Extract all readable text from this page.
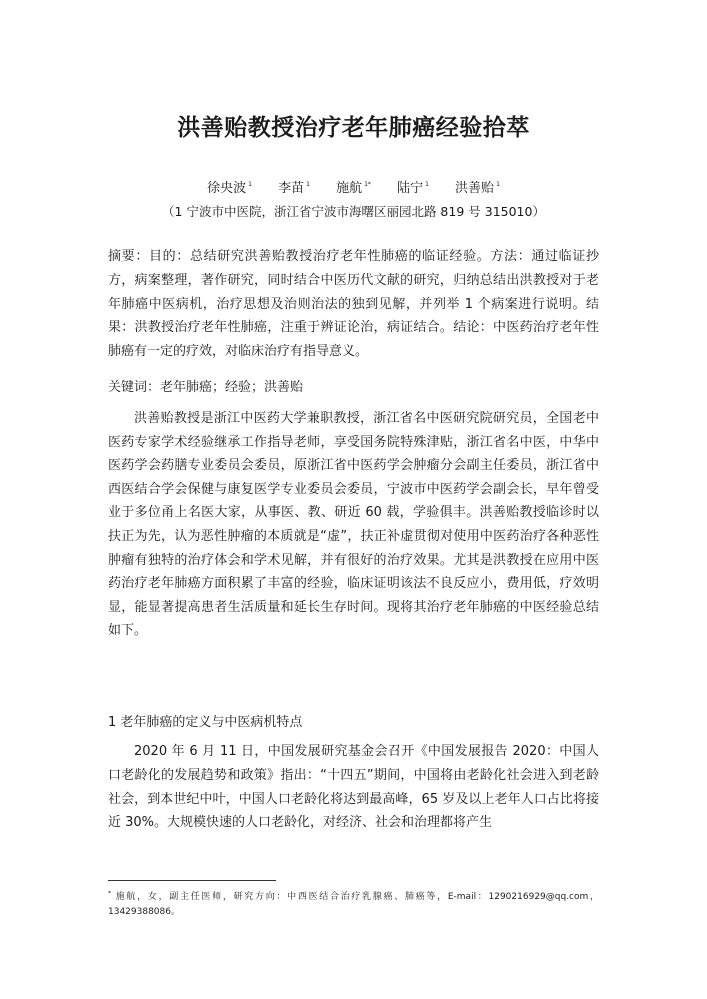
洪善贻教授治疗老年肺癌经验拾萃
徐央波 $^1$ 李苗 $^1$ 施航 $^{1*}$ 陆宁 $^1$ 洪善贻 $^1$
（1 宁波市中医院，浙江省宁波市海曙区丽园北路 819 号 315010）
摘要：目的：总结研究洪善贻教授治疗老年性肺癌的临证经验。方法：通过临证抄方，病案整理，著作研究，同时结合中医历代文献的研究，归纳总结出洪教授对于老年肺癌中医病机，治疗思想及治则治法的独到见解，并列举 1 个病案进行说明。结果：洪教授治疗老年性肺癌，注重于辨证论治，病证结合。结论：中医药治疗老年性肺癌有一定的疗效，对临床治疗有指导意义。
关键词：老年肺癌；经验；洪善贻
洪善贻教授是浙江中医药大学兼职教授，浙江省名中医研究院研究员，全国老中医药专家学术经验继承工作指导老师，享受国务院特殊津贴，浙江省名中医，中华中医药学会药膳专业委员会委员，原浙江省中医药学会肿瘤分会副主任委员，浙江省中西医结合学会保健与康复医学专业委员会委员，宁波市中医药学会副会长，早年曾受业于多位甬上名医大家，从事医、教、研近 60 载，学验俱丰。洪善贻教授临诊时以扶正为先，认为恶性肿瘤的本质就是“虚”，扶正补虚贯彻对使用中医药治疗各种恶性肿瘤有独特的治疗体会和学术见解，并有很好的治疗效果。尤其是洪教授在应用中医药治疗老年肺癌方面积累了丰富的经验，临床证明该法不良反应小，费用低，疗效明显，能显著提高患者生活质量和延长生存时间。现将其治疗老年肺癌的中医经验总结如下。
1 老年肺癌的定义与中医病机特点
2020 年 6 月 11 日，中国发展研究基金会召开《中国发展报告 2020：中国人口老龄化的发展趋势和政策》指出：“十四五”期间，中国将由老龄化社会进入到老龄社会，到本世纪中叶，中国人口老龄化将达到最高峰，65 岁及以上老年人口占比将接近 30%。大规模快速的人口老龄化，对经济、社会和治理都将产生
* 施航，女，副主任医师，研究方向：中西医结合治疗乳腺癌、肺癌等，E-mail：1290216929@qq.com，13429388086。
